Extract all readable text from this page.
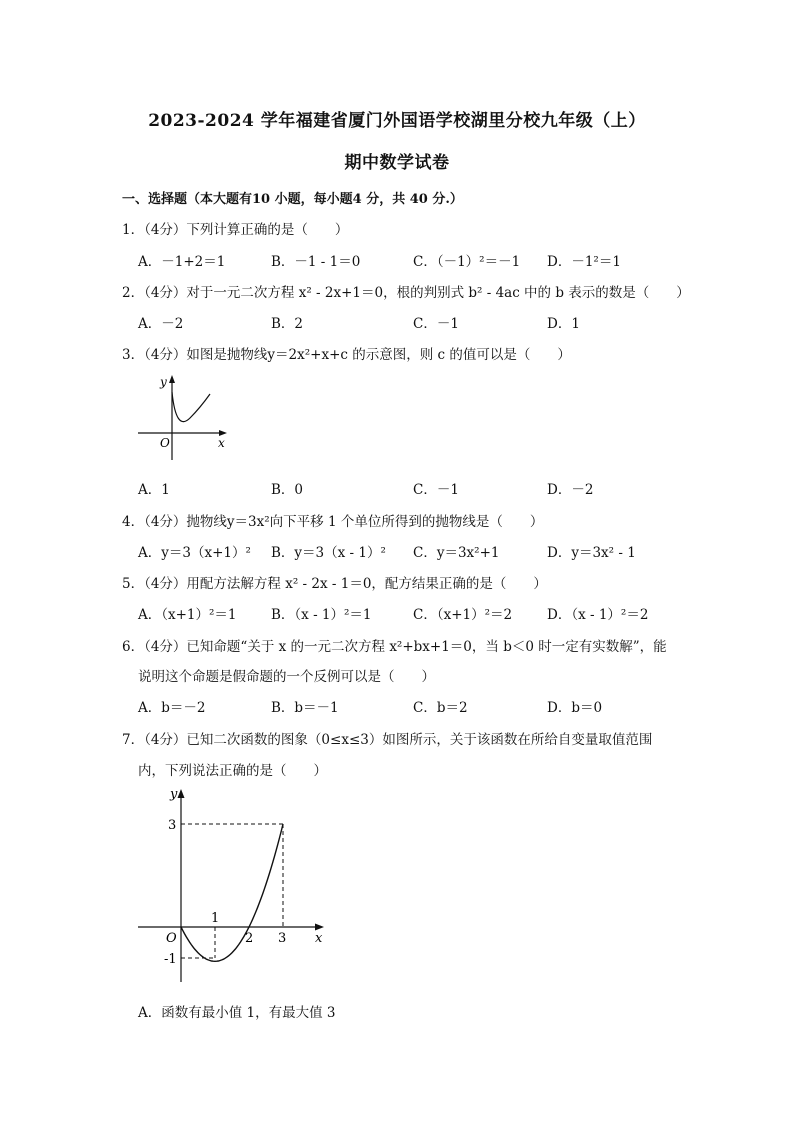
2023-2024 学年福建省厦门外国语学校湖里分校九年级（上）
期中数学试卷
一、选择题（本大题有10 小题，每小题4 分，共 40 分.）
1．（4分）下列计算正确的是（　　）
A．－1+2＝1	B．－1 - 1＝0	C．（－1）²＝－1 D．－1²＝1
2．（4分）对于一元二次方程 x² - 2x+1＝0，根的判别式 b² - 4ac 中的 b 表示的数是（　　）
A．－2	B．2	C．－1	D．1
3．（4分）如图是抛物线y＝2x²+x+c 的示意图，则 c 的值可以是（　　）
y
x
O
A．1	B．0	C．－1	D．－2
4．（4分）抛物线y＝3x²向下平移 1 个单位所得到的抛物线是（　　）
A．y＝3（x+1）² B．y＝3（x - 1）² C．y＝3x²+1	D．y＝3x² - 1
5．（4分）用配方法解方程 x² - 2x - 1＝0，配方结果正确的是（　　）
A．（x+1）²＝1	B．（x - 1）²＝1	C．（x+1）²＝2	D．（x - 1）²＝2
6．（4分）已知命题“关于 x 的一元二次方程 x²+bx+1＝0，当 b＜0 时一定有实数解”，能
说明这个命题是假命题的一个反例可以是（　　）
A．b＝－2	B．b＝－1	C．b＝2	D．b＝0
7．（4分）已知二次函数的图象（0≤x≤3）如图所示，关于该函数在所给自变量取值范围
内，下列说法正确的是（　　）
y
x
O
3
-1
1
2 3
A．函数有最小值 1，有最大值 3
